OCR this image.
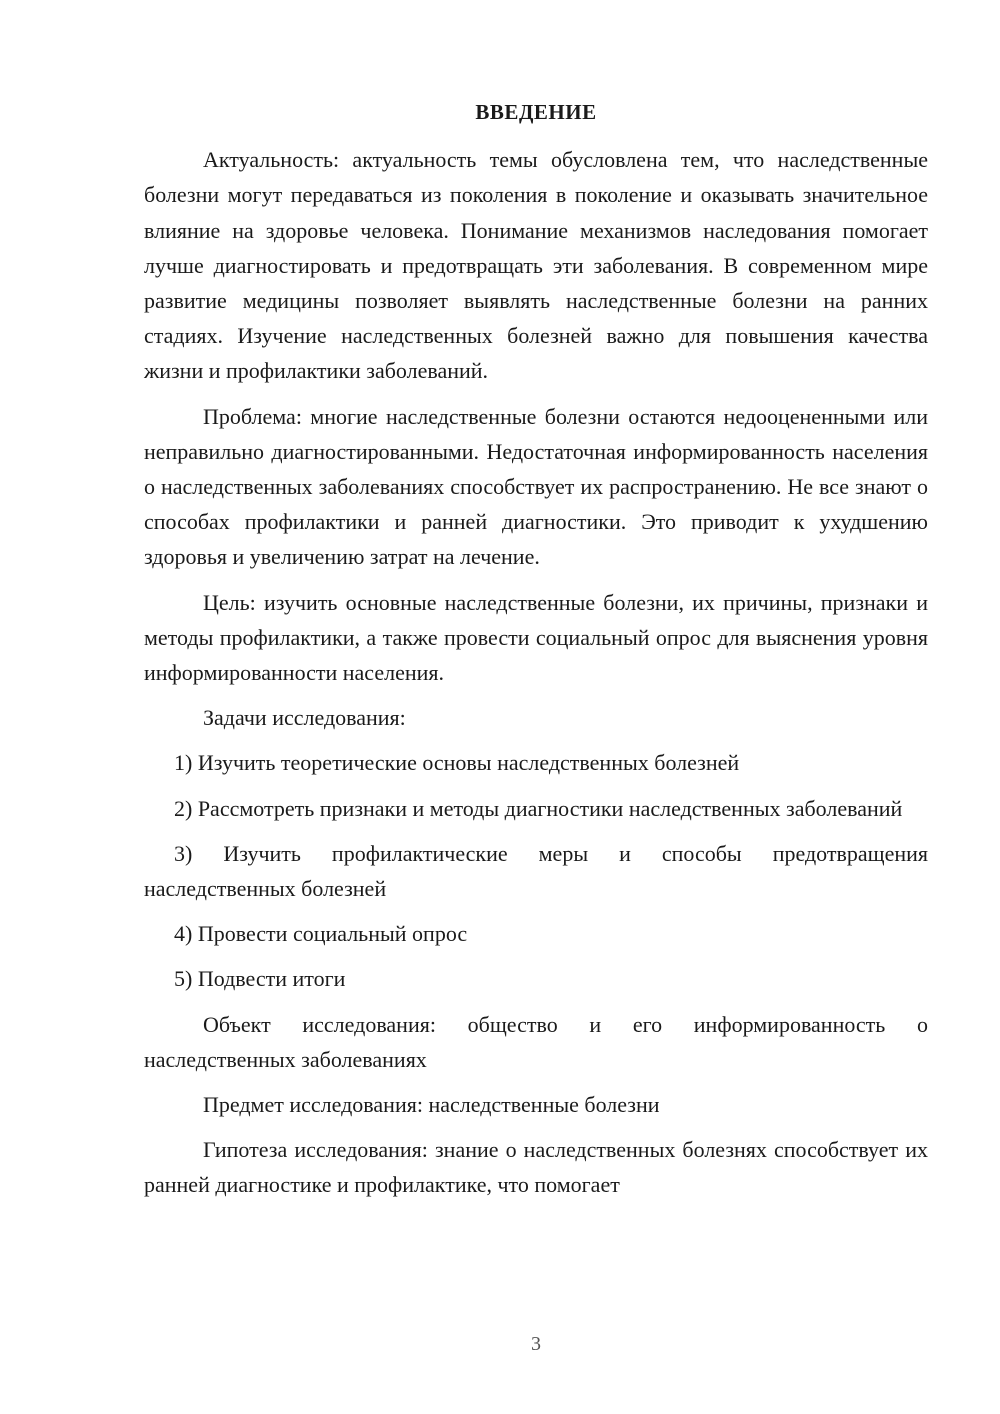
ВВЕДЕНИЕ

Актуальность: актуальность темы обусловлена тем, что наследственные болезни могут передаваться из поколения в поколение и оказывать значительное влияние на здоровье человека. Понимание механизмов наследования помогает лучше диагностировать и предотвращать эти заболевания. В современном мире развитие медицины позволяет выявлять наследственные болезни на ранних стадиях. Изучение наследственных болезней важно для повышения качества жизни и профилактики заболеваний.

Проблема: многие наследственные болезни остаются недооцененными или неправильно диагностированными. Недостаточная информированность населения о наследственных заболеваниях способствует их распространению. Не все знают о способах профилактики и ранней диагностики. Это приводит к ухудшению здоровья и увеличению затрат на лечение.

Цель: изучить основные наследственные болезни, их причины, признаки и методы профилактики, а также провести социальный опрос для выяснения уровня информированности населения.

Задачи исследования:

1) Изучить теоретические основы наследственных болезней

2) Рассмотреть признаки и методы диагностики наследственных заболеваний

3) Изучить профилактические меры и способы предотвращения наследственных болезней

4) Провести социальный опрос

5) Подвести итоги

Объект исследования: общество и его информированность о наследственных заболеваниях

Предмет исследования: наследственные болезни

Гипотеза исследования: знание о наследственных болезнях способствует их ранней диагностике и профилактике, что помогает

3
